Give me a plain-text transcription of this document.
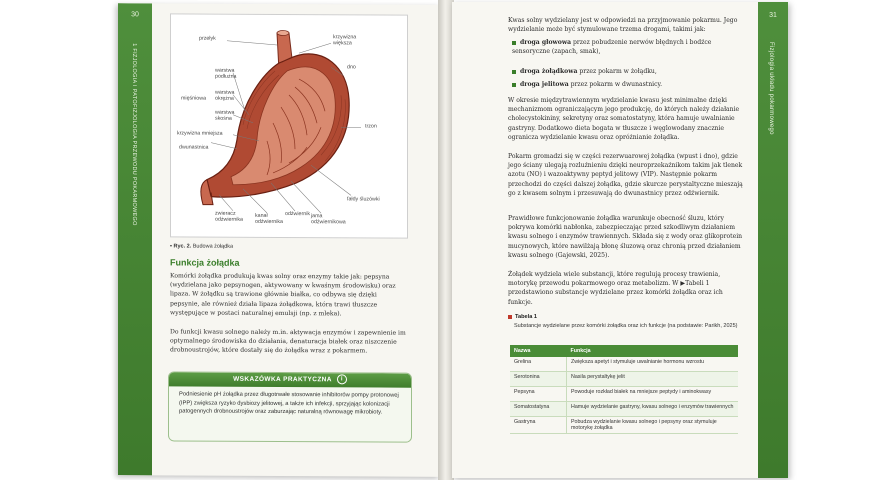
30
1 FIZJOLOGIA I PATOFIZJOLOGIA PRZEWODU POKARMOWEGO
przełyk	krzywizna większa
dno
warstwa podłużna
mięśniowa
warstwa okrężna
warstwa skośna
krzywizna mniejsza
dwunastnica
trzon
fałdy śluzówki
zwieracz odźwiernika
kanał odźwiernika
odźwiernik jama odźwiernikowa
▪ Ryc. 2. Budowa żołądka
Funkcja żołądka
Komórki żołądka produkują kwas solny oraz enzymy takie jak: pepsyna (wydzielana jako pepsynogen, aktywowany w kwaśnym środowisku) oraz lipaza. W żołądku są trawione głównie białka, co odbywa się dzięki pepsynie, ale również działa lipaza żołądkowa, która trawi tłuszcze występujące w postaci naturalnej emulsji (np. z mleka).
Do funkcji kwasu solnego należy m.in. aktywacja enzymów i zapewnienie im optymalnego środowiska do działania, denaturacja białek oraz niszczenie drobnoustrojów, które dostały się do żołądka wraz z pokarmem.
WSKAZÓWKA PRAKTYCZNA i
Podniesienie pH żołądka przez długotrwałe stosowanie inhibitorów pompy protonowej (IPP) zwiększa ryzyko dysbiozy jelitowej, a także ich infekcji, sprzyjając kolonizacji patogennych drobnoustrojów oraz zaburzając naturalną równowagę mikrobioty.
31
Fizjologia układu pokarmowego
Kwas solny wydzielany jest w odpowiedzi na przyjmowanie pokarmu. Jego wydzielanie może być stymulowane trzema drogami, takimi jak:
droga głowowa przez pobudzenie nerwów błędnych i bodźce sensoryczne (zapach, smak),
droga żołądkowa przez pokarm w żołądku,
droga jelitowa przez pokarm w dwunastnicy.
W okresie międzytrawiennym wydzielanie kwasu jest minimalne dzięki mechanizmom ograniczającym jego produkcję, do których należy działanie cholecystokininy, sekretyny oraz somatostatyny, która hamuje uwalnianie gastryny. Dodatkowo dieta bogata w tłuszcze i węglowodany znacznie ogranicza wydzielanie kwasu oraz opróżnianie żołądka.
Pokarm gromadzi się w części rezerwuarowej żołądka (wpust i dno), gdzie jego ściany ulegają rozluźnieniu dzięki neuroprzekaźnikom takim jak tlenek azotu (NO) i wazoaktywny peptyd jelitowy (VIP). Następnie pokarm przechodzi do części dalszej żołądka, gdzie skurcze perystaltyczne mieszają go z kwasem solnym i przesuwają do dwunastnicy przez odźwiernik.
Prawidłowe funkcjonowanie żołądka warunkuje obecność śluzu, który pokrywa komórki nabłonka, zabezpieczając przed szkodliwym działaniem kwasu solnego i enzymów trawiennych. Składa się z wody oraz glikoprotein mucynowych, które nawilżają błonę śluzową oraz chronią przed działaniem kwasu solnego (Gajewski, 2025).
Żołądek wydziela wiele substancji, które regulują procesy trawienia, motorykę przewodu pokarmowego oraz metabolizm. W ▶Tabeli 1 przedstawiono substancje wydzielane przez komórki żołądka oraz ich funkcje.
Tabela 1
Substancje wydzielane przez komórki żołądka oraz ich funkcje (na podstawie: Parikh, 2025)
Nazwa	Funkcja
Grelina	Zwiększa apetyt i stymuluje uwalnianie hormonu wzrostu
Serotonina	Nasila perystaltykę jelit
Pepsyna	Powoduje rozkład białek na mniejsze peptydy i aminokwasy
Somatostatyna	Hamuje wydzielanie gastryny, kwasu solnego i enzymów trawiennych
Gastryna	Pobudza wydzielanie kwasu solnego i pepsyny oraz stymuluje motorykę żołądka
